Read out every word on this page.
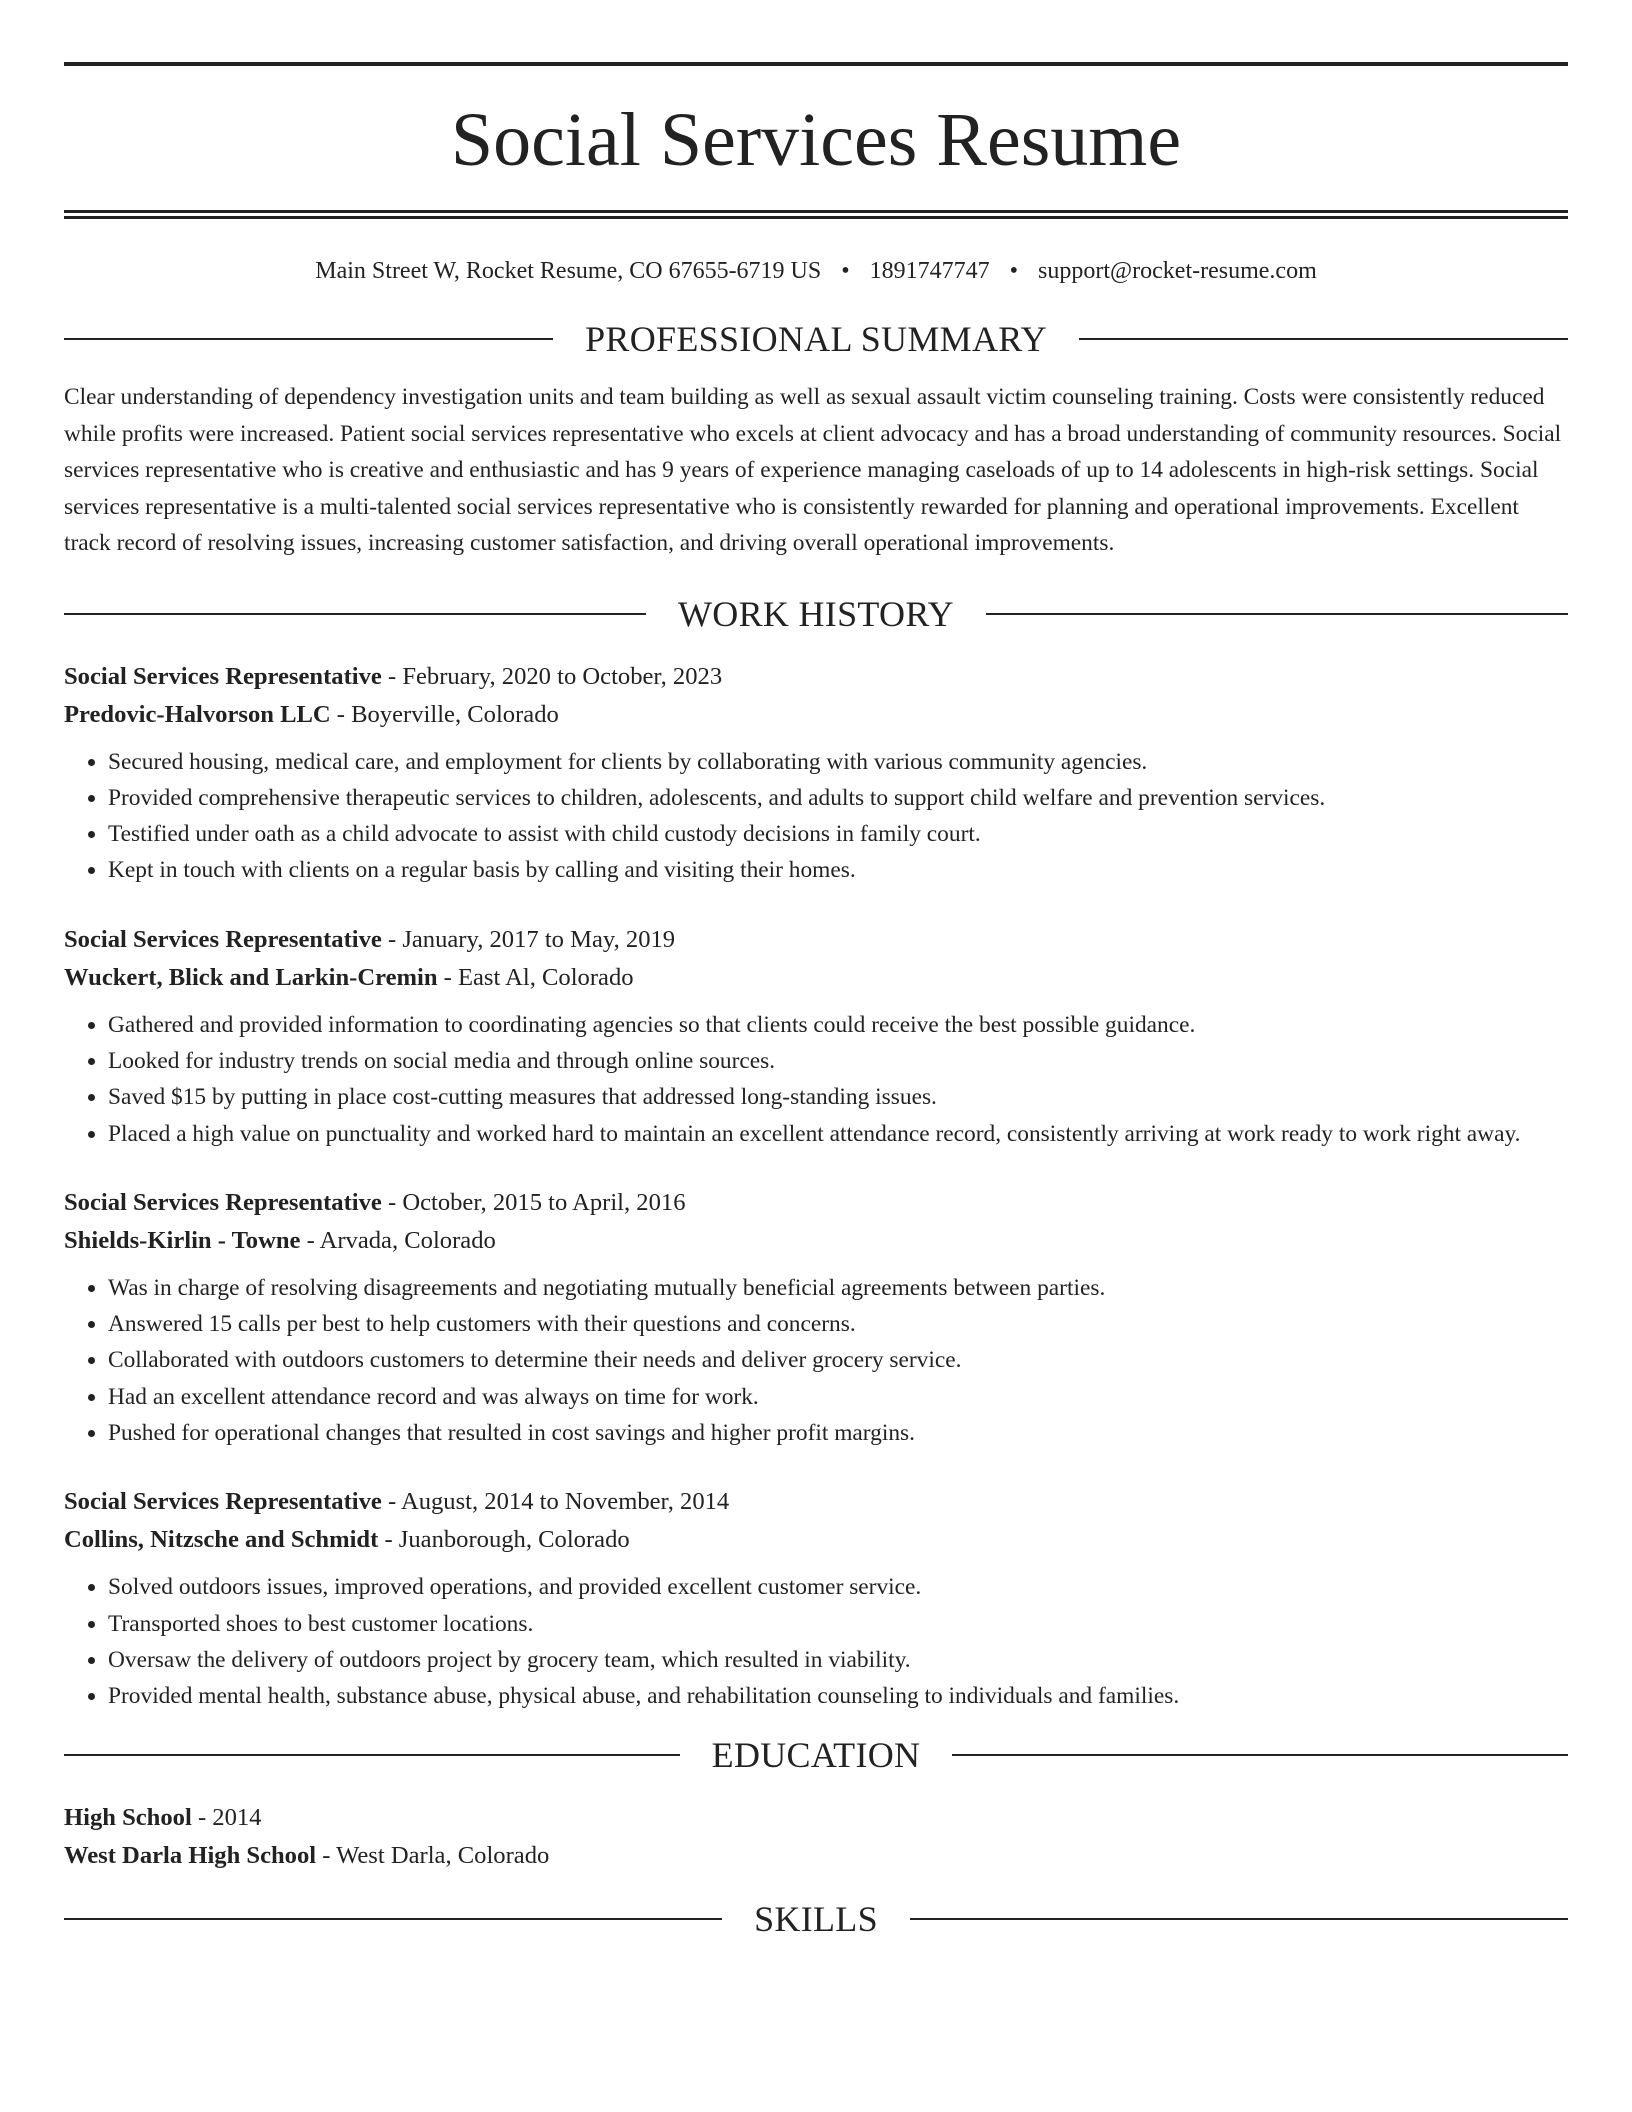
Social Services Resume
Main Street W, Rocket Resume, CO 67655-6719 US • 1891747747 • support@rocket-resume.com
PROFESSIONAL SUMMARY

Clear understanding of dependency investigation units and team building as well as sexual assault victim counseling training. Costs were consistently reduced while profits were increased. Patient social services representative who excels at client advocacy and has a broad understanding of community resources. Social services representative who is creative and enthusiastic and has 9 years of experience managing caseloads of up to 14 adolescents in high-risk settings. Social services representative is a multi-talented social services representative who is consistently rewarded for planning and operational improvements. Excellent track record of resolving issues, increasing customer satisfaction, and driving overall operational improvements.

WORK HISTORY
Social Services Representative - February, 2020 to October, 2023
Predovic-Halvorson LLC - Boyerville, Colorado
• Secured housing, medical care, and employment for clients by collaborating with various community agencies.
• Provided comprehensive therapeutic services to children, adolescents, and adults to support child welfare and prevention services.
• Testified under oath as a child advocate to assist with child custody decisions in family court.
• Kept in touch with clients on a regular basis by calling and visiting their homes.
Social Services Representative - January, 2017 to May, 2019
Wuckert, Blick and Larkin-Cremin - East Al, Colorado
• Gathered and provided information to coordinating agencies so that clients could receive the best possible guidance.
• Looked for industry trends on social media and through online sources.
• Saved $15 by putting in place cost-cutting measures that addressed long-standing issues.
• Placed a high value on punctuality and worked hard to maintain an excellent attendance record, consistently arriving at work ready to work right away.
Social Services Representative - October, 2015 to April, 2016
Shields-Kirlin - Towne - Arvada, Colorado
• Was in charge of resolving disagreements and negotiating mutually beneficial agreements between parties.
• Answered 15 calls per best to help customers with their questions and concerns.
• Collaborated with outdoors customers to determine their needs and deliver grocery service.
• Had an excellent attendance record and was always on time for work.
• Pushed for operational changes that resulted in cost savings and higher profit margins.
Social Services Representative - August, 2014 to November, 2014
Collins, Nitzsche and Schmidt - Juanborough, Colorado
• Solved outdoors issues, improved operations, and provided excellent customer service.
• Transported shoes to best customer locations.
• Oversaw the delivery of outdoors project by grocery team, which resulted in viability.
• Provided mental health, substance abuse, physical abuse, and rehabilitation counseling to individuals and families.
EDUCATION
High School - 2014
West Darla High School - West Darla, Colorado
SKILLS
